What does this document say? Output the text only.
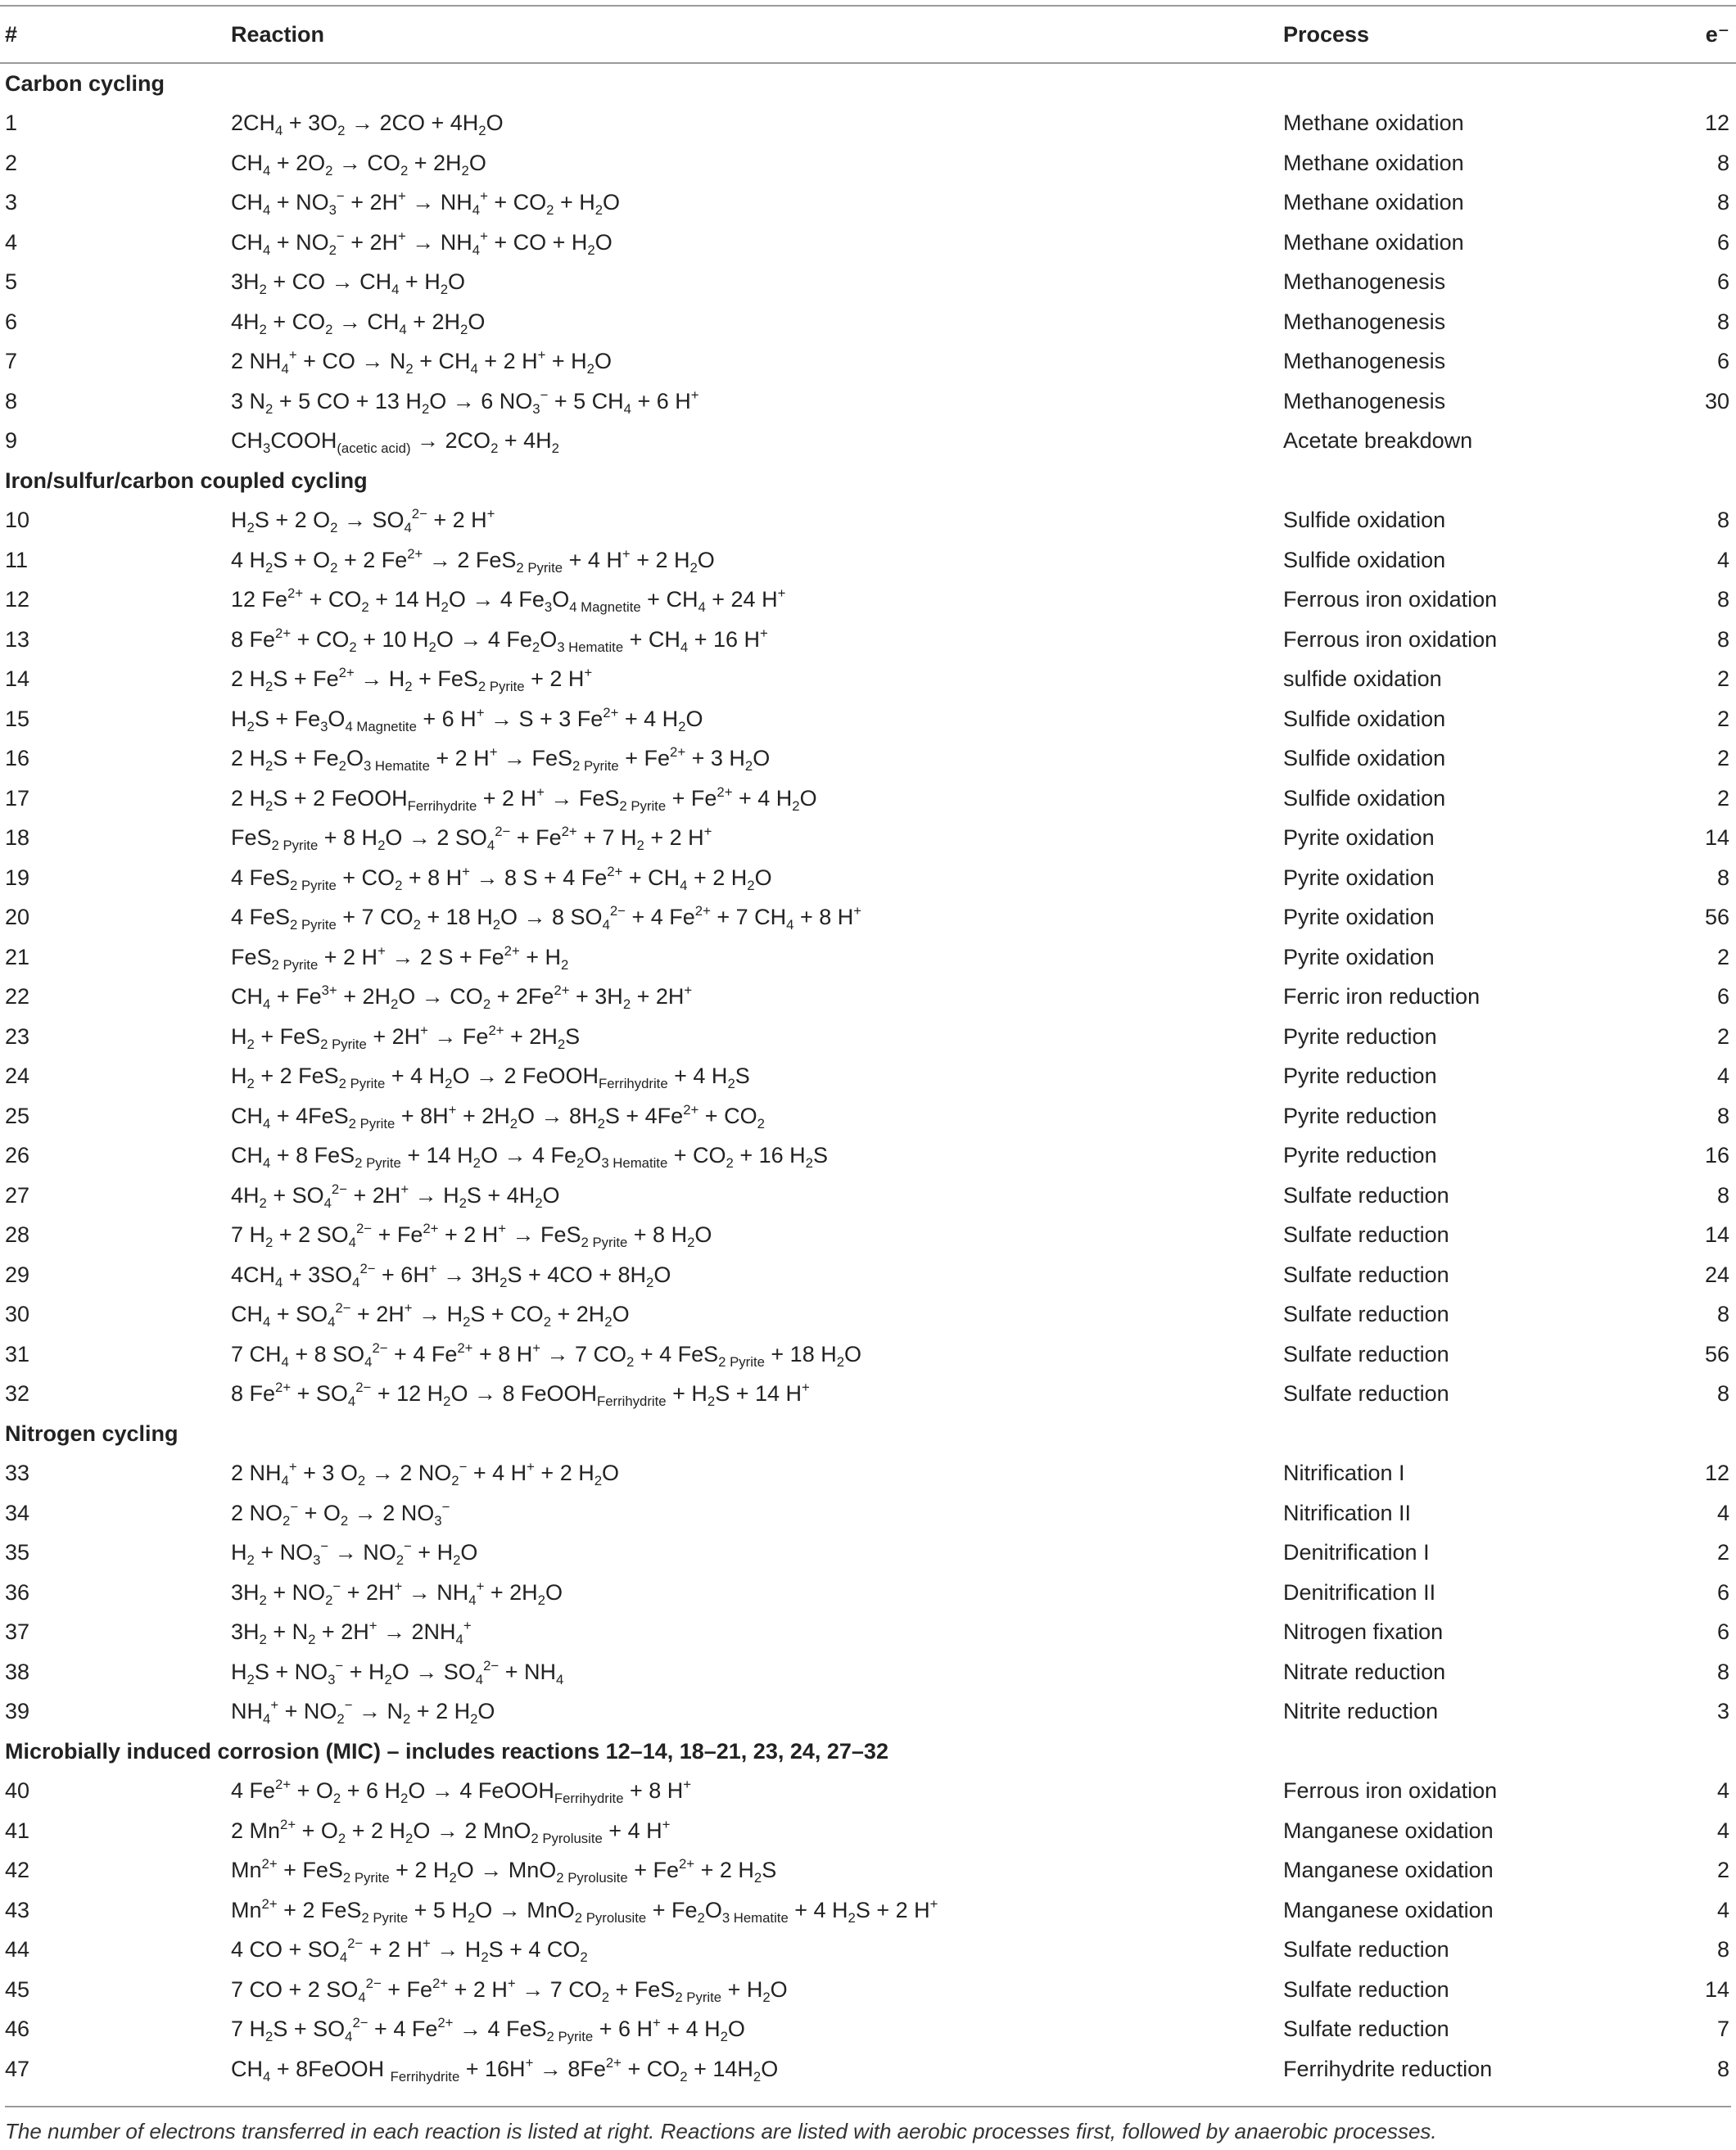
#	Reaction	Process	e⁻
Carbon cycling			
1	$2CH_4 + 3O_2 \to 2CO + 4H_2O$	Methane oxidation	12
2	$CH_4 + 2O_2 \to CO_2 + 2H_2O$	Methane oxidation	8
3	$CH_4 + NO_3^- + 2H^+ \to NH_4^+ + CO_2 + H_2O$	Methane oxidation	8
4	$CH_4 + NO_2^- + 2H^+ \to NH_4^+$ + CO + $H_2O$	Methane oxidation	6
5	$3H_2$ + CO → $CH_4 + H_2O$	Methanogenesis	6
6	$4H_2 + CO_2 \to CH_4 + 2H_2O$	Methanogenesis	8
7	2 $NH_4^+$ + CO → $N_2 + CH_4 + 2$ $H^+ + H_2O$	Methanogenesis	6
8	3 $N_2 + 5$ CO + 13 $H_2O \to 6$ $NO_3^- + 5$ $CH_4 + 6$ H+	Methanogenesis	30
9	$CH_3COOH_{(acetic acid)} \to 2CO_2 + 4H_2$	Acetate breakdown	
Iron/sulfur/carbon coupled cycling			
10	$H_2S + 2$ $O_2 \to SO_4^{2-} + 2$ H+	Sulfide oxidation	8
11	4 $H_2S + O_2 + 2$ $Fe^{2+} \to 2$ FeS$_{2 Pyrite}$ + 4 H+ + 2 $H_2O$	Sulfide oxidation	4
12	12 $Fe^{2+} + CO_2 + 14$ $H_2O \to 4$ $Fe_3O_{4 Magnetite} + CH_4 + 24$ H+	Ferrous iron oxidation	8
13	8 $Fe^{2+} + CO_2 + 10$ $H_2O \to 4$ $Fe_2O_{3 Hematite} + CH_4 + 16$ H+	Ferrous iron oxidation	8
14	2 $H_2S + Fe^{2+} \to H_2 + FeS_{2 Pyrite} + 2$ H+	sulfide oxidation	2
15	$H_2S + Fe_3O_{4 Magnetite} + 6$ H+ → S + 3 $Fe^{2+} + 4$ $H_2O$	Sulfide oxidation	2
16	2 $H_2S + Fe_2O_{3 Hematite} + 2$ $H^+ \to FeS_{2 Pyrite} + Fe^{2+} + 3$ $H_2O$	Sulfide oxidation	2
17	2 $H_2S + 2$ FeOOH$_{Ferrihydrite}$ + 2 $H^+ \to FeS_{2 Pyrite} + Fe^{2+} + 4$ $H_2O$	Sulfide oxidation	2
18	FeS$_{2 Pyrite}$ + 8 $H_2O \to 2$ $SO_4^{2-} + Fe^{2+} + 7$ $H_2 + 2$ H+	Pyrite oxidation	14
19	4 $FeS_{2 Pyrite} + CO_2 + 8$ H+ → 8 S + 4 $Fe^{2+} + CH_4 + 2$ $H_2O$	Pyrite oxidation	8
20	4 FeS$_{2 Pyrite}$ + 7 $CO_2 + 18$ $H_2O \to 8$ $SO_4^{2-} + 4$ $Fe^{2+} + 7$ $CH_4 + 8$ H+	Pyrite oxidation	56
21	FeS$_{2 Pyrite}$ + 2 H+ → 2 $S + Fe^{2+} + H_2$	Pyrite oxidation	2
22	$CH_4 + Fe^{3+} + 2H_2O \to CO_2 + 2Fe^{2+} + 3H_2 + 2H^+$	Ferric iron reduction	6
23	$H_2 + FeS_{2 Pyrite} + 2H^+ \to Fe^{2+} + 2H_2S$	Pyrite reduction	2
24	$H_2 + 2$ FeS$_{2 Pyrite}$ + 4 $H_2O \to 2$ FeOOH$_{Ferrihydrite}$ + 4 $H_2S$	Pyrite reduction	4
25	$CH_4 + 4FeS_{2 Pyrite} + 8H^+ + 2H_2O \to 8H_2S + 4Fe^{2+} + CO_2$	Pyrite reduction	8
26	$CH_4 + 8$ FeS$_{2 Pyrite}$ + 14 $H_2O \to 4$ $Fe_2O_{3 Hematite} + CO_2 + 16$ $H_2S$	Pyrite reduction	16
27	$4H_2 + SO_4^{2-} + 2H^+ \to H_2S + 4H_2O$	Sulfate reduction	8
28	7 $H_2 + 2$ $SO_4^{2-} + Fe^{2+} + 2$ H+ → FeS$_{2 Pyrite}$ + 8 $H_2O$	Sulfate reduction	14
29	$4CH_4 + 3SO_4^{2-} + 6H^+ \to 3H_2S + 4CO + 8H_2O$	Sulfate reduction	24
30	$CH_4 + SO_4^{2-} + 2H^+ \to H_2S + CO_2 + 2H_2O$	Sulfate reduction	8
31	7 $CH_4 + 8$ $SO_4^{2-} + 4$ $Fe^{2+} + 8$ H+ → 7 $CO_2 + 4$ FeS$_{2 Pyrite}$ + 18 $H_2O$	Sulfate reduction	56
32	8 $Fe^{2+} + SO_4^{2-} + 12$ $H_2O \to 8$ FeOOH$_{Ferrihydrite}$ + $H_2S + 14$ H+	Sulfate reduction	8
Nitrogen cycling			
33	2 $NH_4^+ + 3$ $O_2 \to 2$ $NO_2^- + 4$ H+ + 2 $H_2O$	Nitrification I	12
34	2 $NO_2^- + O_2 \to 2$ $NO_3^-$	Nitrification II	4
35	$H_2 + NO_3^- \to NO_2^- + H_2O$	Denitrification I	2
36	$3H_2 + NO_2^- + 2H^+ \to NH_4^+ + 2H_2O$	Denitrification II	6
37	$3H_2 + N_2 + 2H^+ \to 2NH_4^+$	Nitrogen fixation	6
38	$H_2S + NO_3^- + H_2O \to SO_4^{2-} + NH_4$	Nitrate reduction	8
39	$NH_4^+ + NO_2^- \to N_2 + 2$ $H_2O$	Nitrite reduction	3
Microbially induced corrosion (MIC) – includes reactions 12–14, 18–21, 23, 24, 27–32			
40	4 $Fe^{2+} + O_2 + 6$ $H_2O \to 4$ FeOOH$_{Ferrihydrite}$ + 8 H+	Ferrous iron oxidation	4
41	2 $Mn^{2+} + O_2 + 2$ $H_2O \to 2$ MnO$_{2 Pyrolusite}$ + 4 H+	Manganese oxidation	4
42	$Mn^{2+} + FeS_{2 Pyrite} + 2$ $H_2O \to MnO_{2 Pyrolusite} + Fe^{2+} + 2$ $H_2S$	Manganese oxidation	2
43	$Mn^{2+} + 2$ FeS$_{2 Pyrite}$ + 5 $H_2O \to MnO_{2 Pyrolusite} + Fe_2O_{3 Hematite} + 4$ $H_2S + 2$ H+	Manganese oxidation	4
44	4 CO + $SO_4^{2-} + 2$ $H^+ \to H_2S + 4$ $CO_2$	Sulfate reduction	8
45	7 CO + 2 $SO_4^{2-} + Fe^{2+} + 2$ H+ → 7 $CO_2 + FeS_{2 Pyrite} + H_2O$	Sulfate reduction	14
46	7 $H_2S + SO_4^{2-} + 4$ $Fe^{2+} \to 4$ FeS$_{2 Pyrite}$ + 6 H+ + 4 $H_2O$	Sulfate reduction	7
47	$CH_4$ + 8FeOOH $_{Ferrihydrite} + 16H^+ \to 8Fe^{2+} + CO_2 + 14H_2O$	Ferrihydrite reduction	8
The number of electrons transferred in each reaction is listed at right. Reactions are listed with aerobic processes first, followed by anaerobic processes.
